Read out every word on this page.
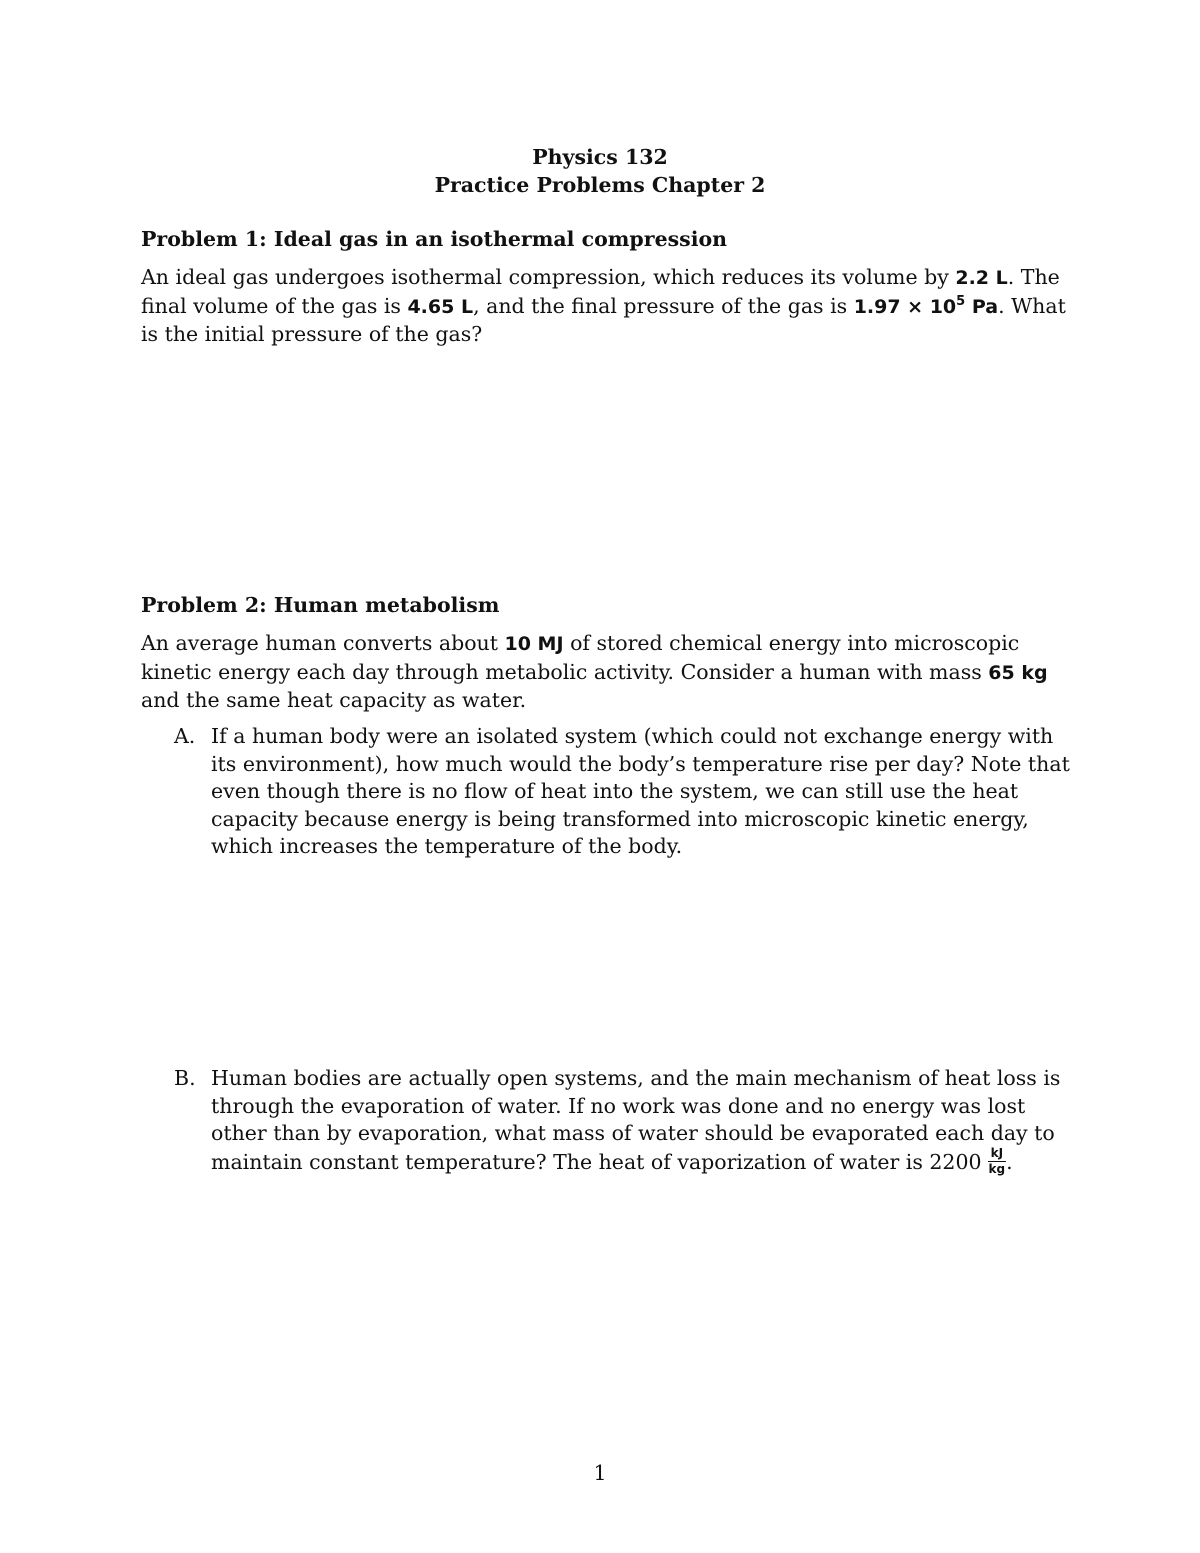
Physics 132
Practice Problems Chapter 2
Problem 1: Ideal gas in an isothermal compression
An ideal gas undergoes isothermal compression, which reduces its volume by 2.2 L. The final volume of the gas is 4.65 L, and the final pressure of the gas is $1.97 \times 10^5$ Pa. What is the initial pressure of the gas?
Problem 2: Human metabolism
An average human converts about 10 MJ of stored chemical energy into microscopic kinetic energy each day through metabolic activity. Consider a human with mass 65 kg and the same heat capacity as water.
A. If a human body were an isolated system (which could not exchange energy with its environment), how much would the body’s temperature rise per day? Note that even though there is no flow of heat into the system, we can still use the heat capacity because energy is being transformed into microscopic kinetic energy, which increases the temperature of the body.
B. Human bodies are actually open systems, and the main mechanism of heat loss is through the evaporation of water. If no work was done and no energy was lost other than by evaporation, what mass of water should be evaporated each day to maintain constant temperature? The heat of vaporization of water is $2200 \frac{kJ}{kg}$ .
1
